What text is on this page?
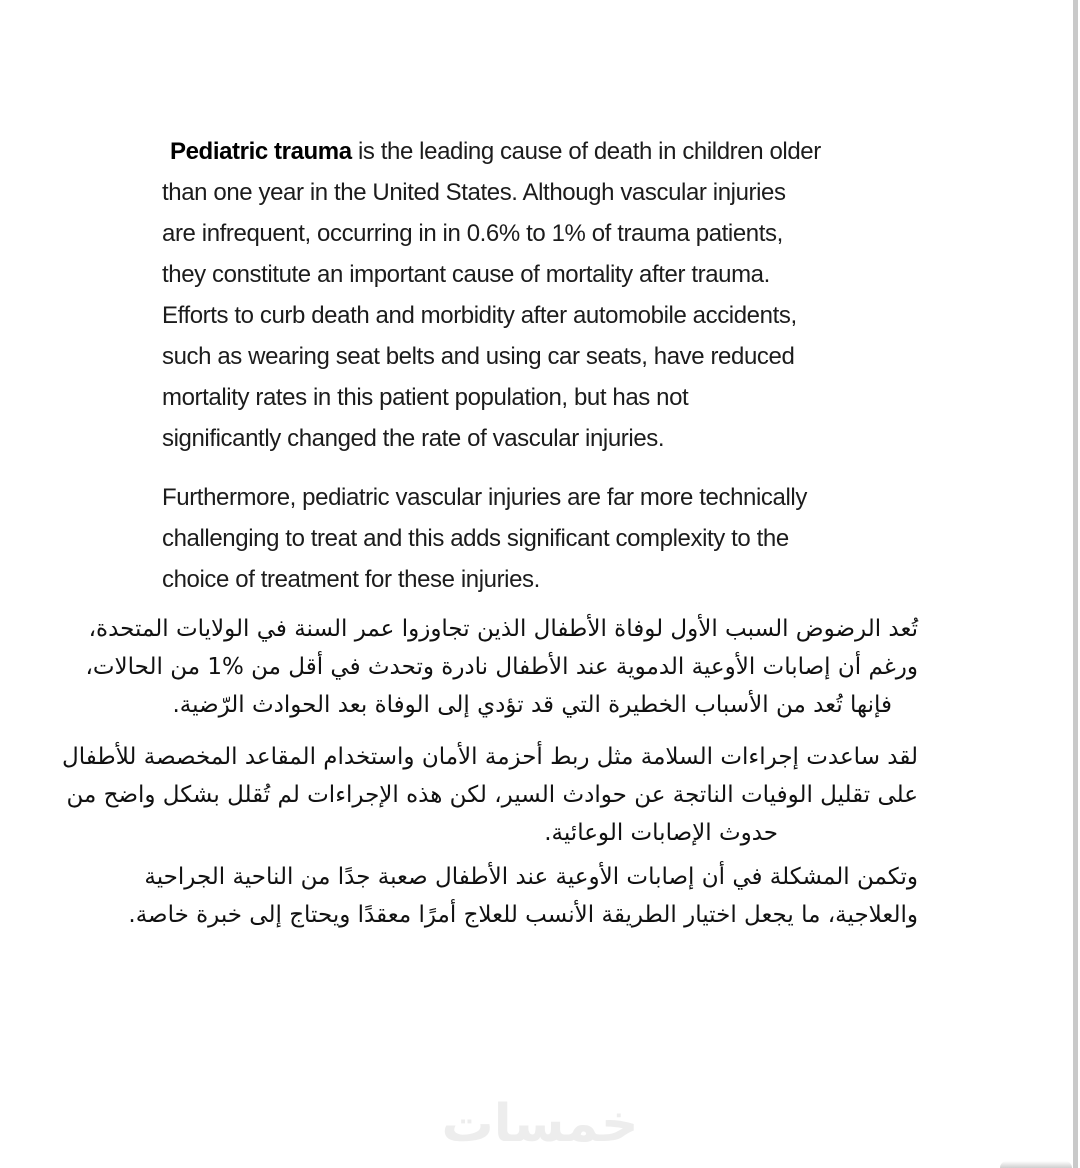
Pediatric trauma is the leading cause of death in children older
than one year in the United States. Although vascular injuries
are infrequent, occurring in in 0.6% to 1% of trauma patients,
they constitute an important cause of mortality after trauma.
Efforts to curb death and morbidity after automobile accidents,
such as wearing seat belts and using car seats, have reduced
mortality rates in this patient population, but has not
significantly changed the rate of vascular injuries.
Furthermore, pediatric vascular injuries are far more technically
challenging to treat and this adds significant complexity to the
choice of treatment for these injuries.
تُعد الرضوض السبب الأول لوفاة الأطفال الذين تجاوزوا عمر السنة في الولايات المتحدة،
ورغم أن إصابات الأوعية الدموية عند الأطفال نادرة وتحدث في أقل من %1 من الحالات،
فإنها تُعد من الأسباب الخطيرة التي قد تؤدي إلى الوفاة بعد الحوادث الرّضية.
لقد ساعدت إجراءات السلامة مثل ربط أحزمة الأمان واستخدام المقاعد المخصصة للأطفال
على تقليل الوفيات الناتجة عن حوادث السير، لكن هذه الإجراءات لم تُقلل بشكل واضح من
حدوث الإصابات الوعائية.
وتكمن المشكلة في أن إصابات الأوعية عند الأطفال صعبة جدًا من الناحية الجراحية
والعلاجية، ما يجعل اختيار الطريقة الأنسب للعلاج أمرًا معقدًا ويحتاج إلى خبرة خاصة.
خمسات
